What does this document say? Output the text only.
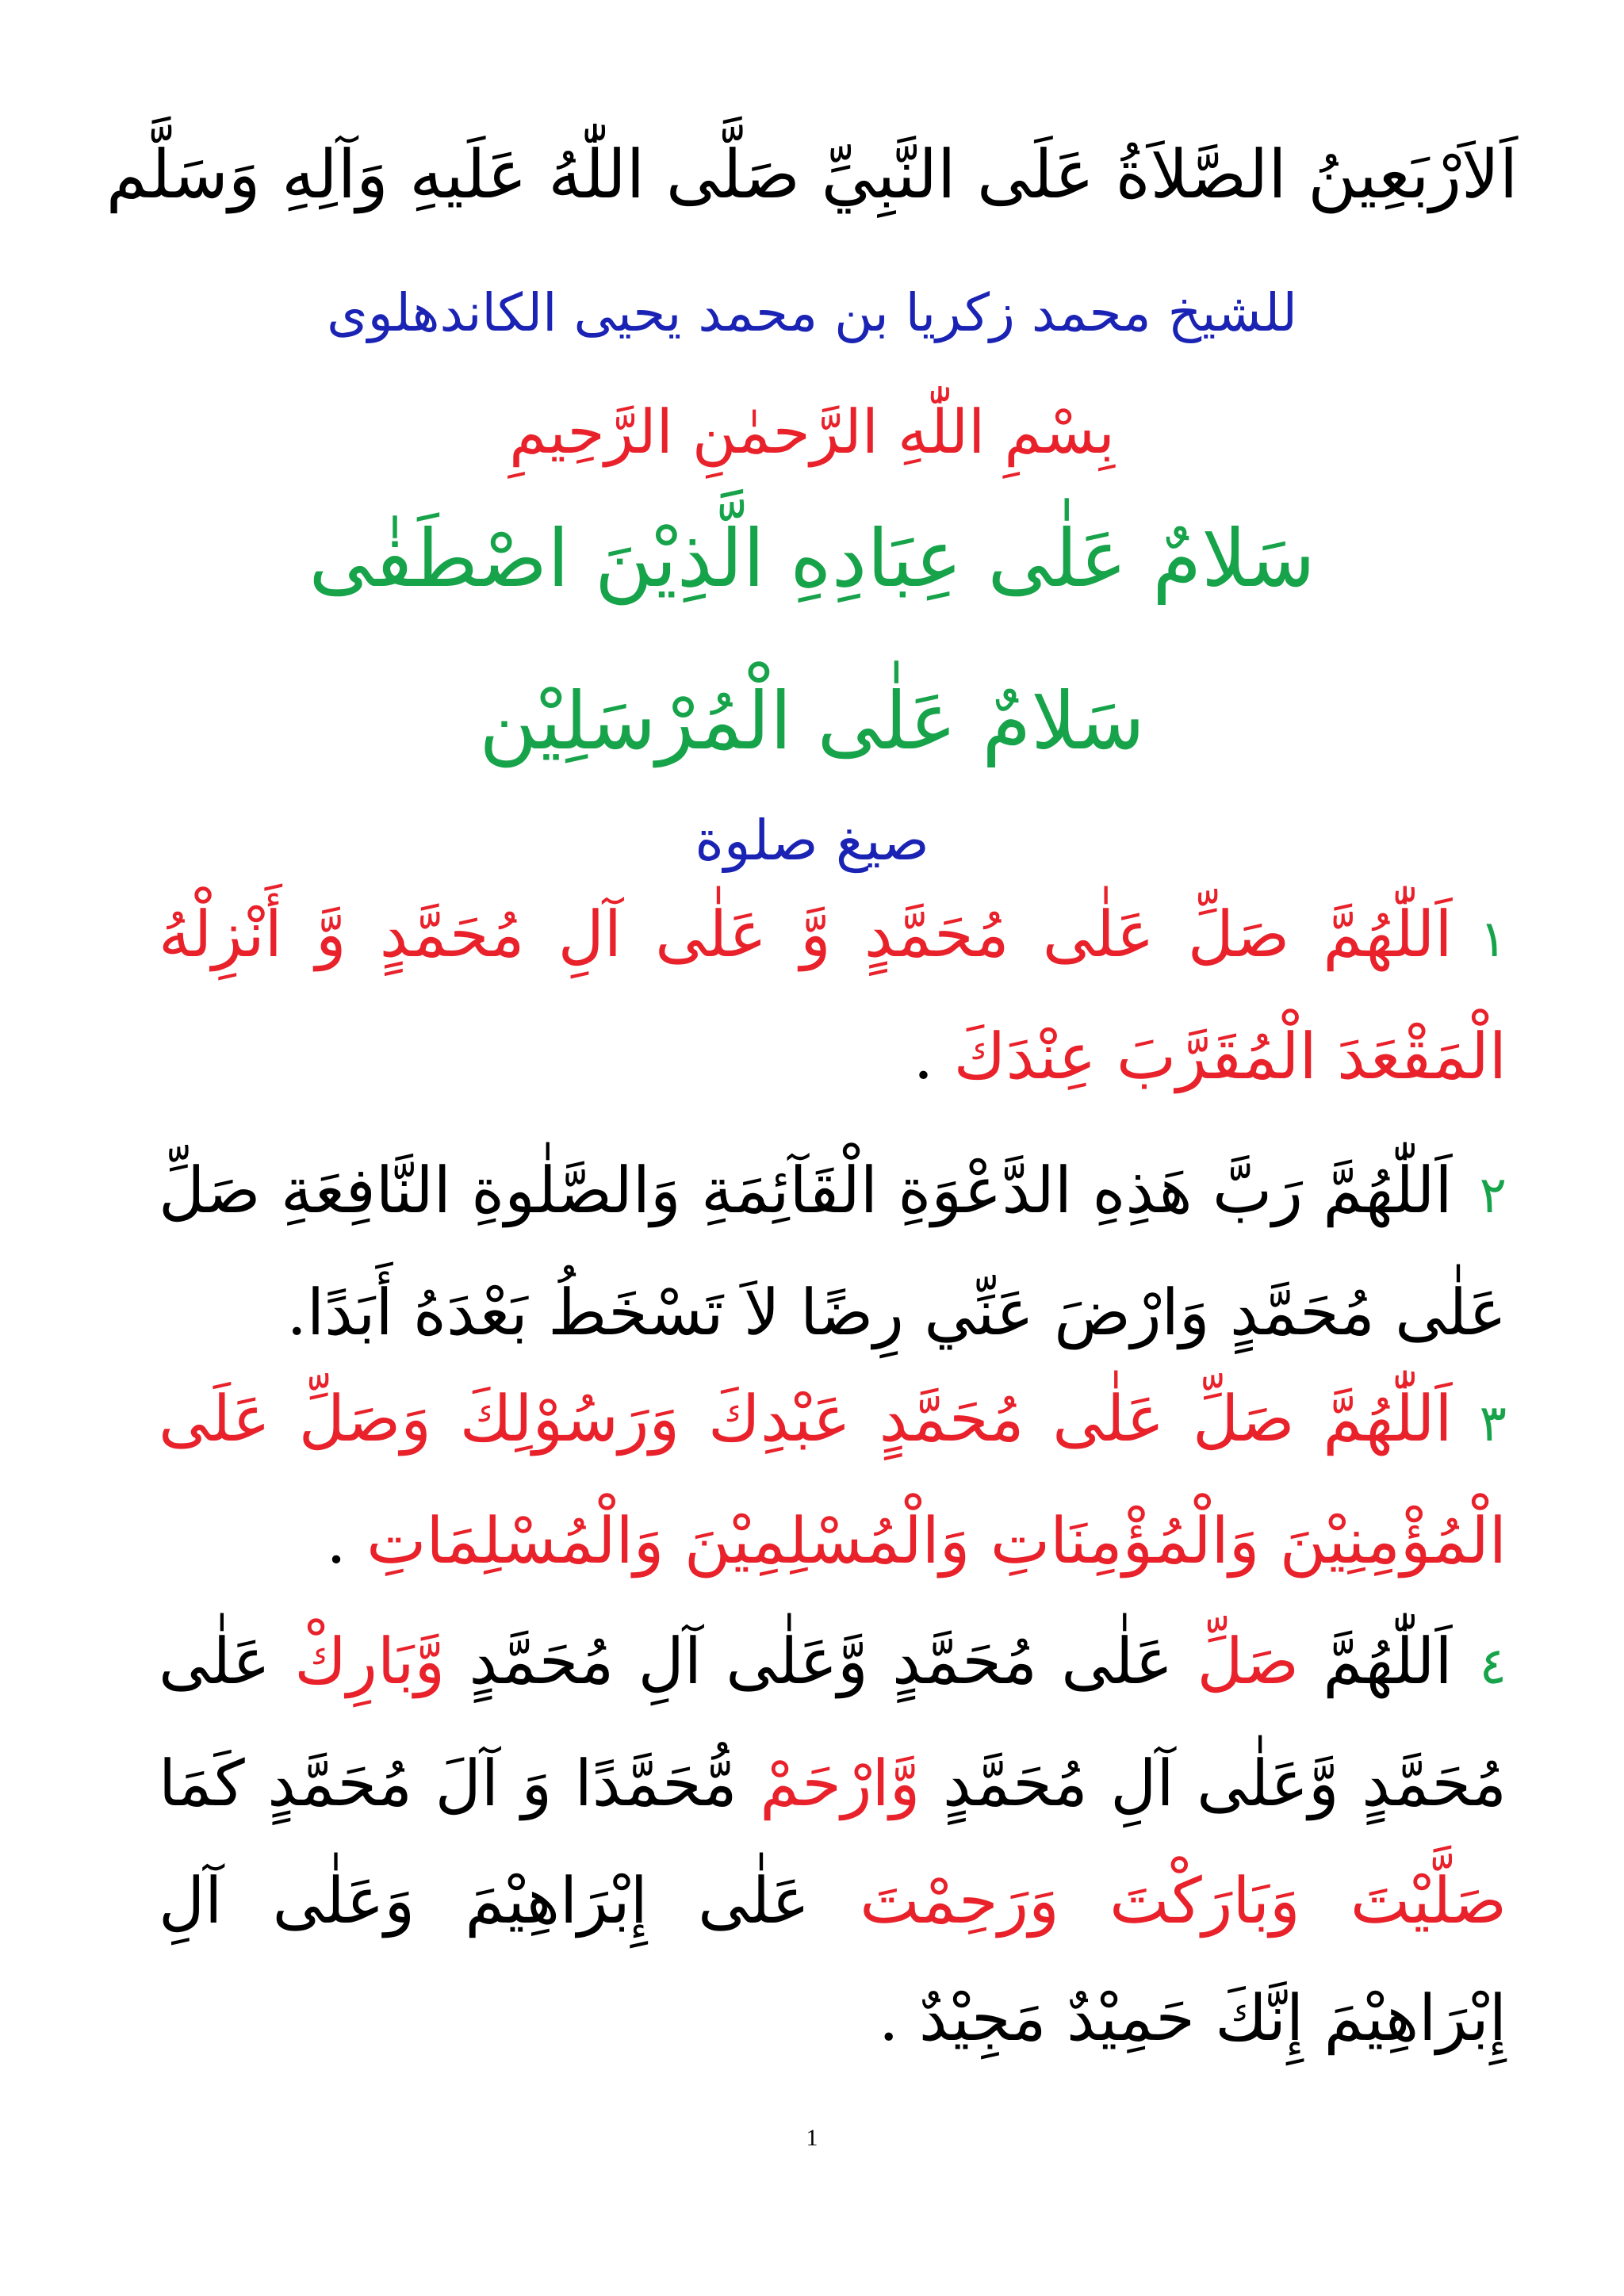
اَلاَرْبَعِينُ الصَّلاَةُ عَلَى النَّبِيِّ صَلَّى اللّٰهُ عَلَيهِ وَآلِهِ وَسَلَّم
للشيخ محمد زكريا بن محمد يحيى الكاندهلوى
بِسْمِ اللّٰهِ الرَّحمٰنِ الرَّحِيمِ
سَلامٌ عَلٰى عِبَادِهِ الَّذِيْنَ اصْطَفٰى
سَلامٌ عَلٰى الْمُرْسَلِيْن
صيغ صلوة
١اَللّٰهُمَّ صَلِّ عَلٰى مُحَمَّدٍ وَّ عَلٰى آلِ مُحَمَّدٍ وَّ أَنْزِلْهُ الْمَقْعَدَ الْمُقَرَّبَ عِنْدَكَ .
٢اَللّٰهُمَّ رَبَّ هَذِهِ الدَّعْوَةِ الْقَآئِمَةِ وَالصَّلٰوةِ النَّافِعَةِ صَلِّ عَلٰى مُحَمَّدٍ وَارْضَ عَنِّي رِضًا لاَ تَسْخَطُ بَعْدَهُ أَبَدًا.
٣اَللّٰهُمَّ صَلِّ عَلٰى مُحَمَّدٍ عَبْدِكَ وَرَسُوْلِكَ وَصَلِّ عَلَى الْمُؤْمِنِيْنَ وَالْمُؤْمِنَاتِ وَالْمُسْلِمِيْنَ وَالْمُسْلِمَاتِ .
٤اَللّٰهُمَّ صَلِّ عَلٰى مُحَمَّدٍ وَّعَلٰى آلِ مُحَمَّدٍ وَّبَارِكْ عَلٰى مُحَمَّدٍ وَّعَلٰى آلِ مُحَمَّدٍ وَّارْحَمْ مُّحَمَّدًا وَ آلَ مُحَمَّدٍ كَمَا صَلَّيْتَ وَبَارَكْتَ وَرَحِمْتَ عَلٰى إِبْرَاهِيْمَ وَعَلٰى آلِ إِبْرَاهِيْمَ إِنَّكَ حَمِيْدٌ مَجِيْدٌ .
1
